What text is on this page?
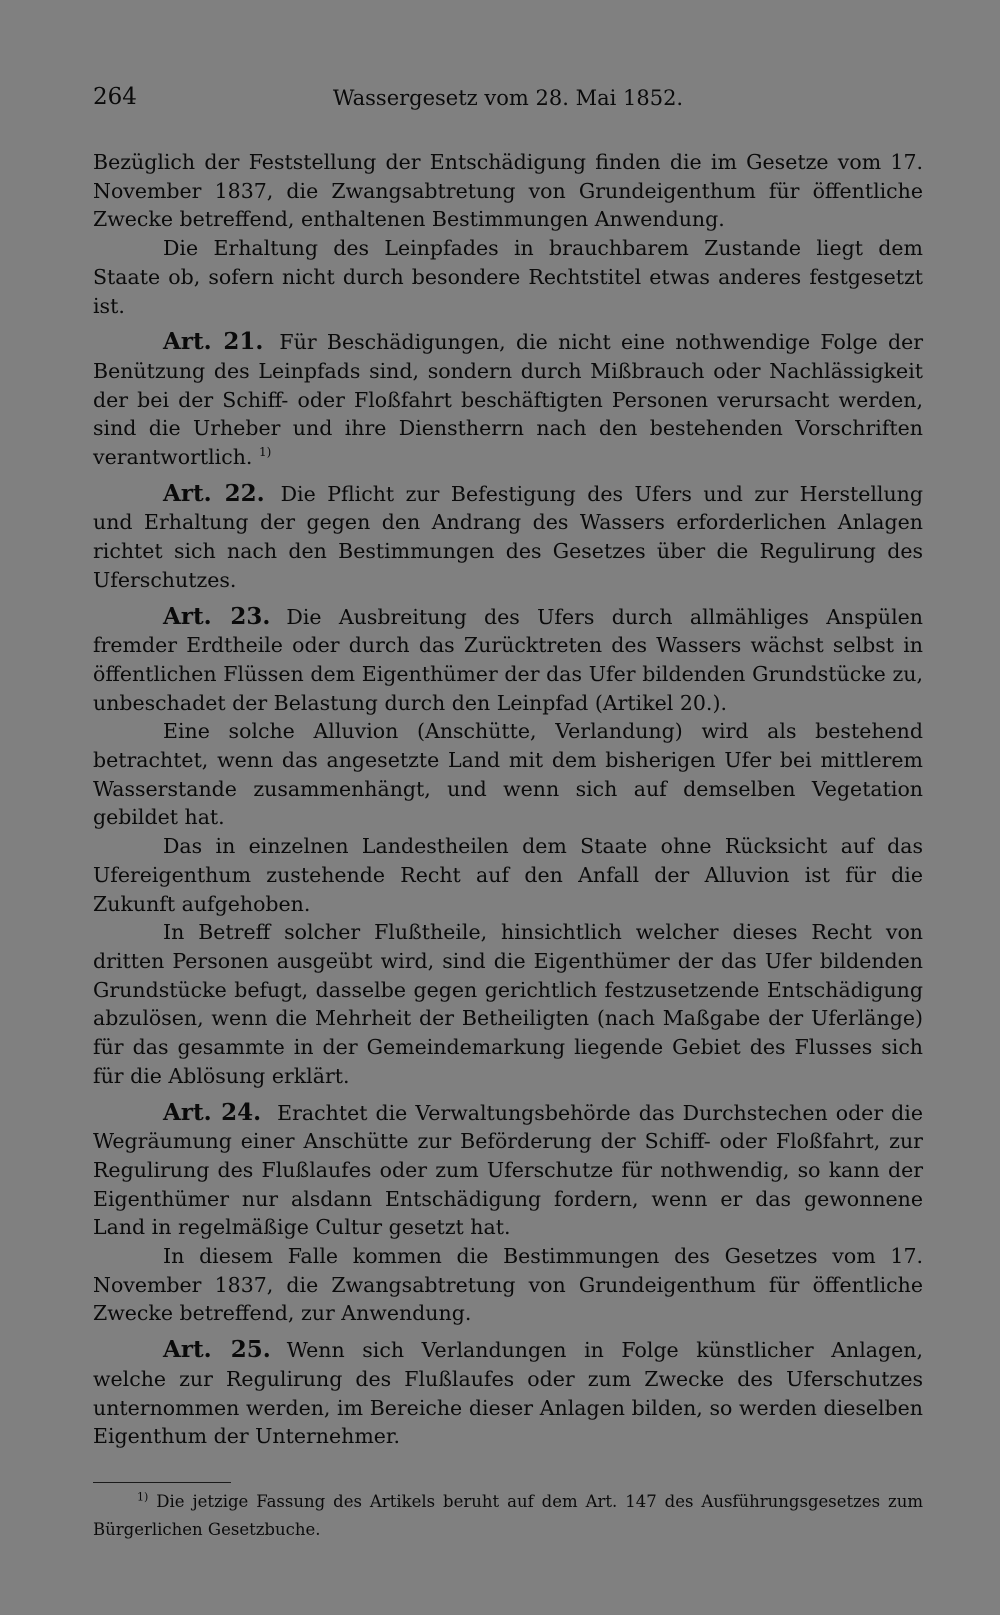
264	Wassergesetz vom 28. Mai 1852.

Bezüglich der Feststellung der Entschädigung finden die im Gesetze vom 17. November 1837, die Zwangsabtretung von Grundeigenthum für öffentliche Zwecke betreffend, enthaltenen Bestimmungen Anwendung.

Die Erhaltung des Leinpfades in brauchbarem Zustande liegt dem Staate ob, sofern nicht durch besondere Rechtstitel etwas anderes festgesetzt ist.

Art. 21. Für Beschädigungen, die nicht eine nothwendige Folge der Benützung des Leinpfads sind, sondern durch Mißbrauch oder Nachlässigkeit der bei der Schiff- oder Floßfahrt beschäftigten Personen verursacht werden, sind die Urheber und ihre Dienstherrn nach den bestehenden Vorschriften verantwortlich. $^{1)}$

Art. 22. Die Pflicht zur Befestigung des Ufers und zur Herstellung und Erhaltung der gegen den Andrang des Wassers erforderlichen Anlagen richtet sich nach den Bestimmungen des Gesetzes über die Regulirung des Uferschutzes.

Art. 23. Die Ausbreitung des Ufers durch allmähliges Anspülen fremder Erdtheile oder durch das Zurücktreten des Wassers wächst selbst in öffentlichen Flüssen dem Eigenthümer der das Ufer bildenden Grundstücke zu, unbeschadet der Belastung durch den Leinpfad (Artikel 20.).

Eine solche Alluvion (Anschütte, Verlandung) wird als bestehend betrachtet, wenn das angesetzte Land mit dem bisherigen Ufer bei mittlerem Wasserstande zusammenhängt, und wenn sich auf demselben Vegetation gebildet hat.

Das in einzelnen Landestheilen dem Staate ohne Rücksicht auf das Ufereigenthum zustehende Recht auf den Anfall der Alluvion ist für die Zukunft aufgehoben.

In Betreff solcher Flußtheile, hinsichtlich welcher dieses Recht von dritten Personen ausgeübt wird, sind die Eigenthümer der das Ufer bildenden Grundstücke befugt, dasselbe gegen gerichtlich festzusetzende Entschädigung abzulösen, wenn die Mehrheit der Betheiligten (nach Maßgabe der Uferlänge) für das gesammte in der Gemeindemarkung liegende Gebiet des Flusses sich für die Ablösung erklärt.

Art. 24. Erachtet die Verwaltungsbehörde das Durchstechen oder die Wegräumung einer Anschütte zur Beförderung der Schiff- oder Floßfahrt, zur Regulirung des Flußlaufes oder zum Uferschutze für nothwendig, so kann der Eigenthümer nur alsdann Entschädigung fordern, wenn er das gewonnene Land in regelmäßige Cultur gesetzt hat.

In diesem Falle kommen die Bestimmungen des Gesetzes vom 17. November 1837, die Zwangsabtretung von Grundeigenthum für öffentliche Zwecke betreffend, zur Anwendung.

Art. 25. Wenn sich Verlandungen in Folge künstlicher Anlagen, welche zur Regulirung des Flußlaufes oder zum Zwecke des Uferschutzes unternommen werden, im Bereiche dieser Anlagen bilden, so werden dieselben Eigenthum der Unternehmer.

$^{1)}$ Die jetzige Fassung des Artikels beruht auf dem Art. 147 des Ausführungsgesetzes zum Bürgerlichen Gesetzbuche.
